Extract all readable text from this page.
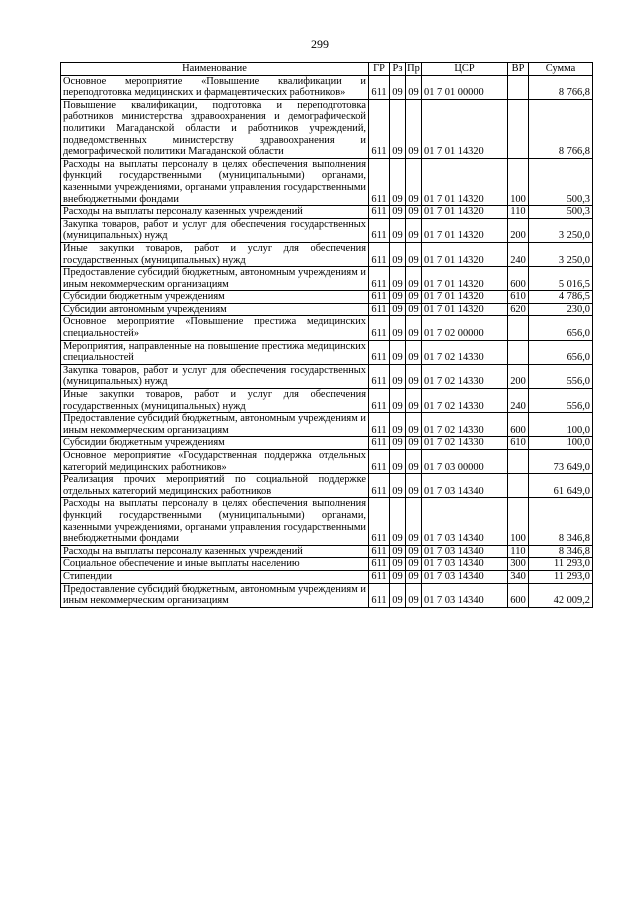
299
Наименование	ГР	Рз	Пр	ЦСР	ВР	Сумма
Основное мероприятие «Повышение квалификации и переподготовка медицинских и фармацевтических работников»	611	09	09	01 7 01 00000		8 766,8
Повышение квалификации, подготовка и переподготовка работников министерства здравоохранения и демографической политики Магаданской области и работников учреждений, подведомственных министерству здравоохранения и демографической политики Магаданской области	611	09	09	01 7 01 14320		8 766,8
Расходы на выплаты персоналу в целях обеспечения выполнения функций государственными (муниципальными) органами, казенными учреждениями, органами управления государственными внебюджетными фондами	611	09	09	01 7 01 14320	100	500,3
Расходы на выплаты персоналу казенных учреждений	611	09	09	01 7 01 14320	110	500,3
Закупка товаров, работ и услуг для обеспечения государственных (муниципальных) нужд	611	09	09	01 7 01 14320	200	3 250,0
Иные закупки товаров, работ и услуг для обеспечения государственных (муниципальных) нужд	611	09	09	01 7 01 14320	240	3 250,0
Предоставление субсидий бюджетным, автономным учреждениям и иным некоммерческим организациям	611	09	09	01 7 01 14320	600	5 016,5
Субсидии бюджетным учреждениям	611	09	09	01 7 01 14320	610	4 786,5
Субсидии автономным учреждениям	611	09	09	01 7 01 14320	620	230,0
Основное мероприятие «Повышение престижа медицинских специальностей»	611	09	09	01 7 02 00000		656,0
Мероприятия, направленные на повышение престижа медицинских специальностей	611	09	09	01 7 02 14330		656,0
Закупка товаров, работ и услуг для обеспечения государственных (муниципальных) нужд	611	09	09	01 7 02 14330	200	556,0
Иные закупки товаров, работ и услуг для обеспечения государственных (муниципальных) нужд	611	09	09	01 7 02 14330	240	556,0
Предоставление субсидий бюджетным, автономным учреждениям и иным некоммерческим организациям	611	09	09	01 7 02 14330	600	100,0
Субсидии бюджетным учреждениям	611	09	09	01 7 02 14330	610	100,0
Основное мероприятие «Государственная поддержка отдельных категорий медицинских работников»	611	09	09	01 7 03 00000		73 649,0
Реализация прочих мероприятий по социальной поддержке отдельных категорий медицинских работников	611	09	09	01 7 03 14340		61 649,0
Расходы на выплаты персоналу в целях обеспечения выполнения функций государственными (муниципальными) органами, казенными учреждениями, органами управления государственными внебюджетными фондами	611	09	09	01 7 03 14340	100	8 346,8
Расходы на выплаты персоналу казенных учреждений	611	09	09	01 7 03 14340	110	8 346,8
Социальное обеспечение и иные выплаты населению	611	09	09	01 7 03 14340	300	11 293,0
Стипендии	611	09	09	01 7 03 14340	340	11 293,0
Предоставление субсидий бюджетным, автономным учреждениям и иным некоммерческим организациям	611	09	09	01 7 03 14340	600	42 009,2
